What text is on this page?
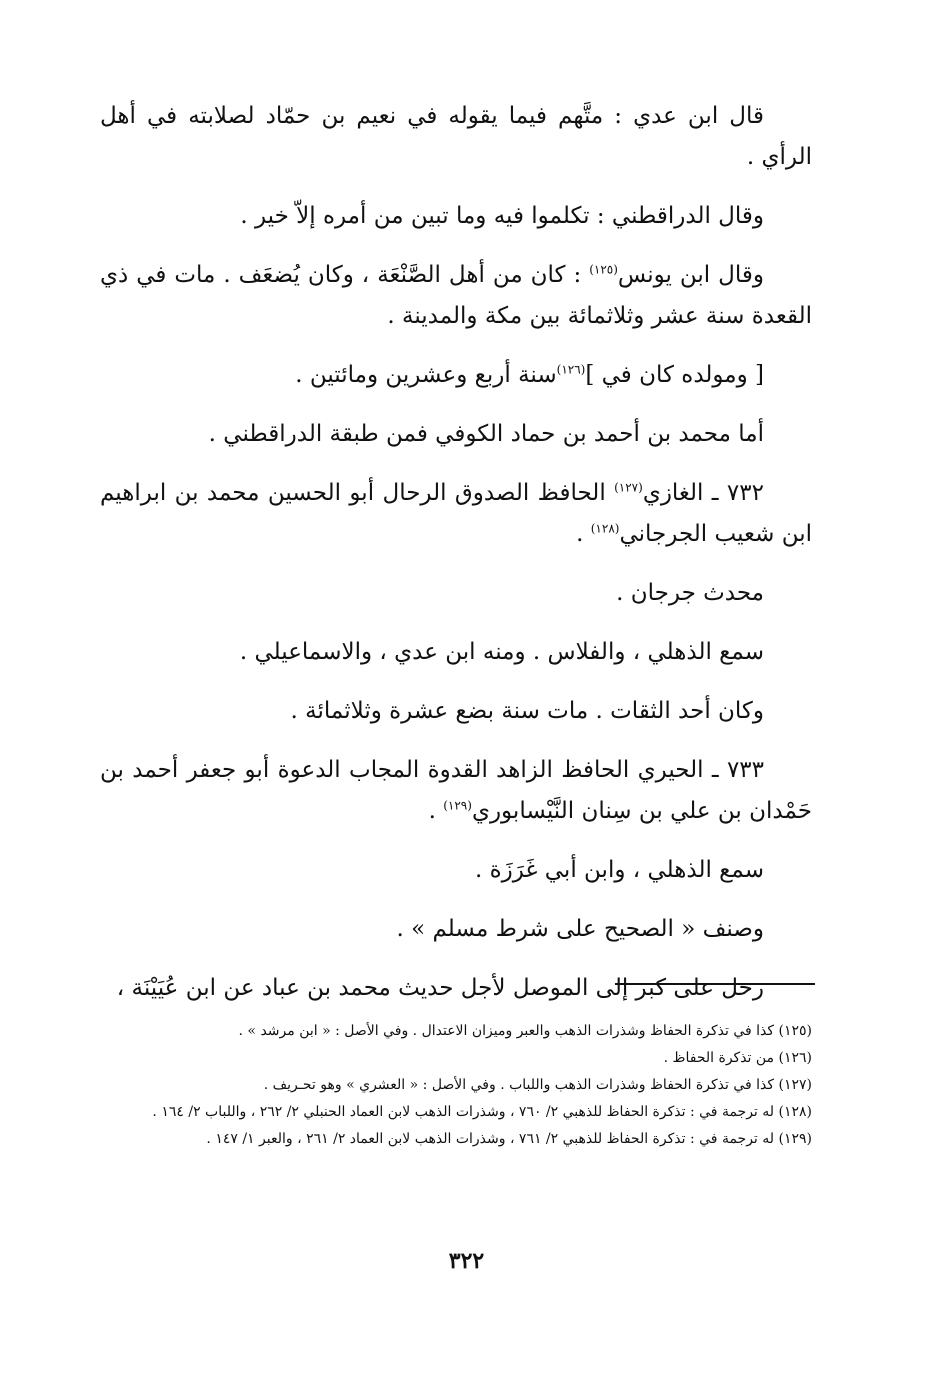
قال ابن عدي : متَّهم فيما يقوله في نعيم بن حمّاد لصلابته في أهل الرأي .

وقال الدراقطني : تكلموا فيه وما تبين من أمره إلاّ خير .

وقال ابن يونس$^{(١٢٥)}$ : كان من أهل الصَّنْعَة ، وكان يُضعَف . مات في ذي القعدة سنة عشر وثلاثمائة بين مكة والمدينة .

[ ومولده كان في ]$^{(١٢٦)}$سنة أربع وعشرين ومائتين .

أما محمد بن أحمد بن حماد الكوفي فمن طبقة الدراقطني .

٧٣٢ ـ الغازي$^{(١٢٧)}$ الحافظ الصدوق الرحال أبو الحسين محمد بن ابراهيم ابن شعيب الجرجاني$^{(١٢٨)}$ .

محدث جرجان .

سمع الذهلي ، والفلاس . ومنه ابن عدي ، والاسماعيلي .

وكان أحد الثقات . مات سنة بضع عشرة وثلاثمائة .

٧٣٣ ـ الحيري الحافظ الزاهد القدوة المجاب الدعوة أبو جعفر أحمد بن حَمْدان بن علي بن سِنان النَّيْسابوري$^{(١٢٩)}$ .

سمع الذهلي ، وابن أبي غَرَزَة .

وصنف « الصحيح على شرط مسلم » .

رحل على كبر إلى الموصل لأجل حديث محمد بن عباد عن ابن عُيَيْنَة ،

(١٢٥) كذا في تذكرة الحفاظ وشذرات الذهب والعبر وميزان الاعتدال . وفي الأصل : « ابن مرشد » .

(١٢٦) من تذكرة الحفاظ .

(١٢٧) كذا في تذكرة الحفاظ وشذرات الذهب واللباب . وفي الأصل : « العشري » وهو تحـريف .

(١٢٨) له ترجمة في : تذكرة الحفاظ للذهبي ٢/ ٧٦٠ ، وشذرات الذهب لابن العماد الحنبلي ٢/ ٢٦٢ ، واللباب ٢/ ١٦٤ .

(١٢٩) له ترجمة في : تذكرة الحفاظ للذهبي ٢/ ٧٦١ ، وشذرات الذهب لابن العماد ٢/ ٢٦١ ، والعبر ١/ ١٤٧ .

٣٢٢
